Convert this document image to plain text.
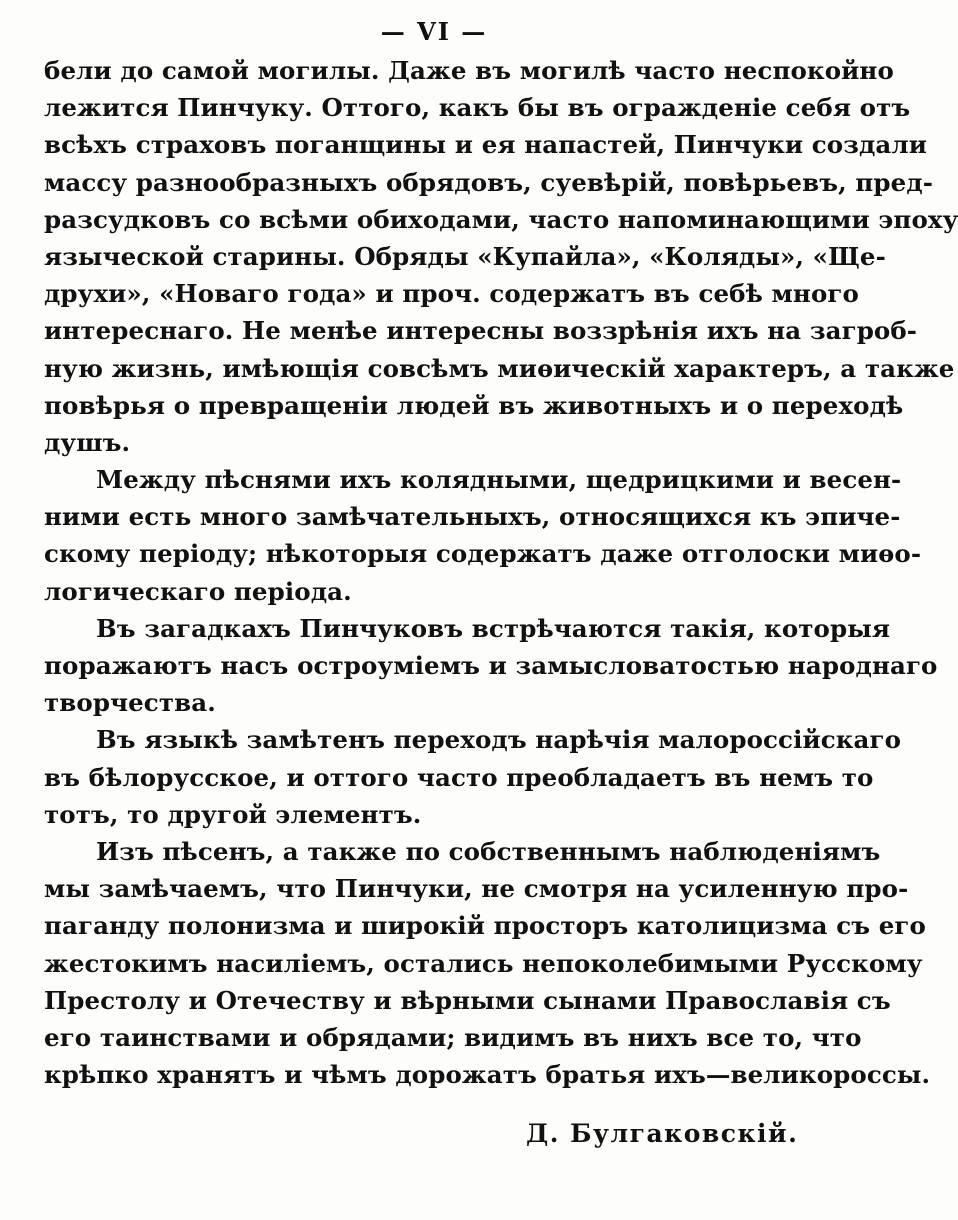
— VI —
бели до самой могилы. Даже въ могилѣ часто неспокойно
лежится Пинчуку. Оттого, какъ бы въ огражденіе себя отъ
всѣхъ страховъ поганщины и ея напастей, Пинчуки создали
массу разнообразныхъ обрядовъ, суевѣрій, повѣрьевъ, пред-
разсудковъ со всѣми обиходами, часто напоминающими эпоху
языческой старины. Обряды «Купайла», «Коляды», «Ще-
друхи», «Новаго года» и проч. содержатъ въ себѣ много
интереснаго. Не менѣе интересны воззрѣнія ихъ на загроб-
ную жизнь, имѣющія совсѣмъ миѳическій характеръ, а также
повѣрья о превращеніи людей въ животныхъ и о переходѣ
душъ.
Между пѣснями ихъ колядными, щедрицкими и весен-
ними есть много замѣчательныхъ, относящихся къ эпиче-
скому періоду; нѣкоторыя содержатъ даже отголоски миѳо-
логическаго періода.
Въ загадкахъ Пинчуковъ встрѣчаются такія, которыя
поражаютъ насъ остроуміемъ и замысловатостью народнаго
творчества.
Въ языкѣ замѣтенъ переходъ нарѣчія малороссійскаго
въ бѣлорусское, и оттого часто преобладаетъ въ немъ то
тотъ, то другой элементъ.
Изъ пѣсенъ, а также по собственнымъ наблюденіямъ
мы замѣчаемъ, что Пинчуки, не смотря на усиленную про-
паганду полонизма и широкій просторъ католицизма съ его
жестокимъ насиліемъ, остались непоколебимыми Русскому
Престолу и Отечеству и вѣрными сынами Православія съ
его таинствами и обрядами; видимъ въ нихъ все то, что
крѣпко хранятъ и чѣмъ дорожатъ братья ихъ—великороссы.
Д. Булгаковскій.
